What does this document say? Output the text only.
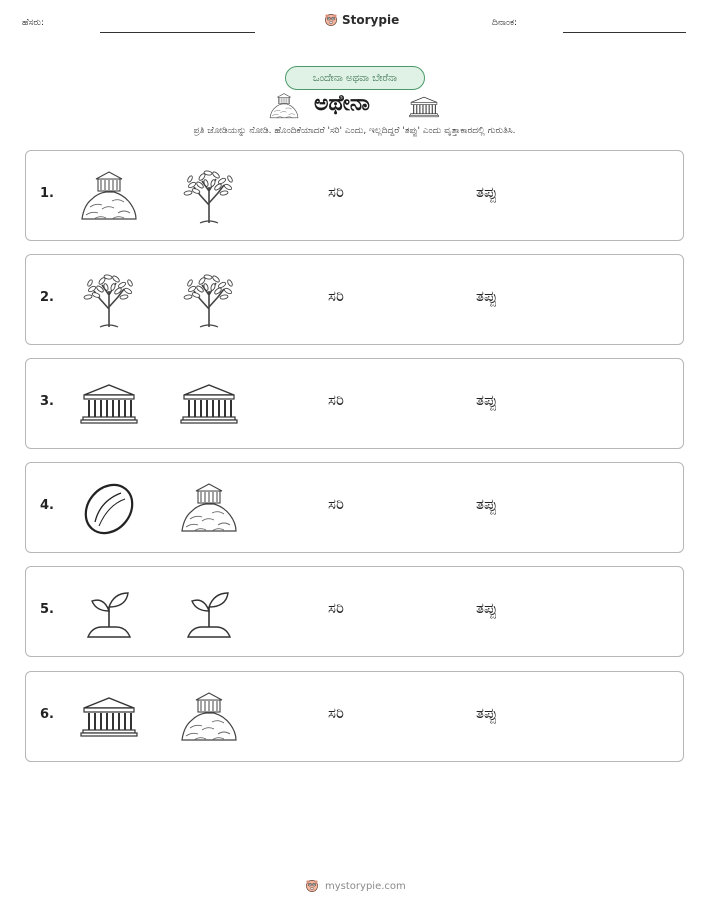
ಹೆಸರು:	Storypie	ದಿನಾಂಕ:
ಒಂದೇನಾ ಅಥವಾ ಬೇರೆನಾ
ಅಥೇನಾ
ಪ್ರತಿ ಜೋಡಿಯನ್ನು ನೋಡಿ. ಹೊಂದಿಕೆಯಾದರೆ 'ಸರಿ' ಎಂದು, ಇಲ್ಲದಿದ್ದರೆ 'ತಪ್ಪು' ಎಂದು ವೃತ್ತಾಕಾರದಲ್ಲಿ ಗುರುತಿಸಿ.
1.	ಸರಿ	ತಪ್ಪು
2.	ಸರಿ	ತಪ್ಪು
3.	ಸರಿ	ತಪ್ಪು
4.	ಸರಿ	ತಪ್ಪು
5.	ಸರಿ	ತಪ್ಪು
6.	ಸರಿ	ತಪ್ಪು
mystorypie.com
